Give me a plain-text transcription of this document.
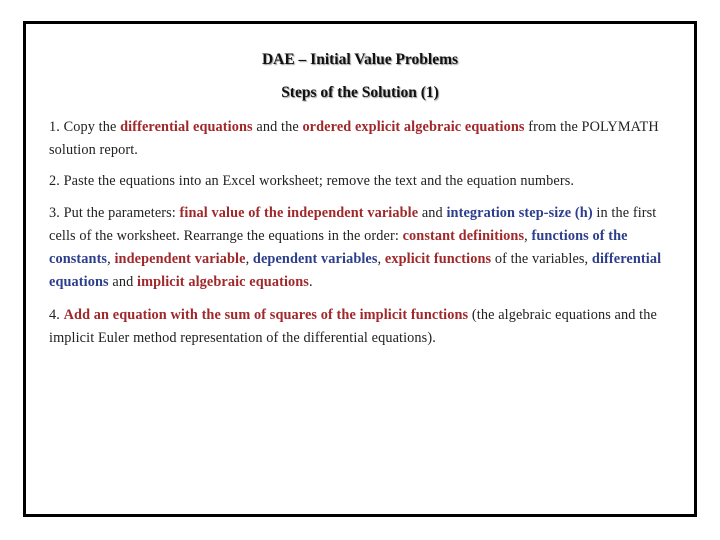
DAE – Initial Value Problems
Steps of the Solution (1)
1. Copy the differential equations and the ordered explicit algebraic equations from the POLYMATH solution report.
2. Paste the equations into an Excel worksheet; remove the text and the equation numbers.
3. Put the parameters: final value of the independent variable and integration step-size (h) in the first cells of the worksheet. Rearrange the equations in the order: constant definitions, functions of the constants, independent variable, dependent variables, explicit functions of the variables, differential equations and implicit algebraic equations.
4. Add an equation with the sum of squares of the implicit functions (the algebraic equations and the implicit Euler method representation of the differential equations).
